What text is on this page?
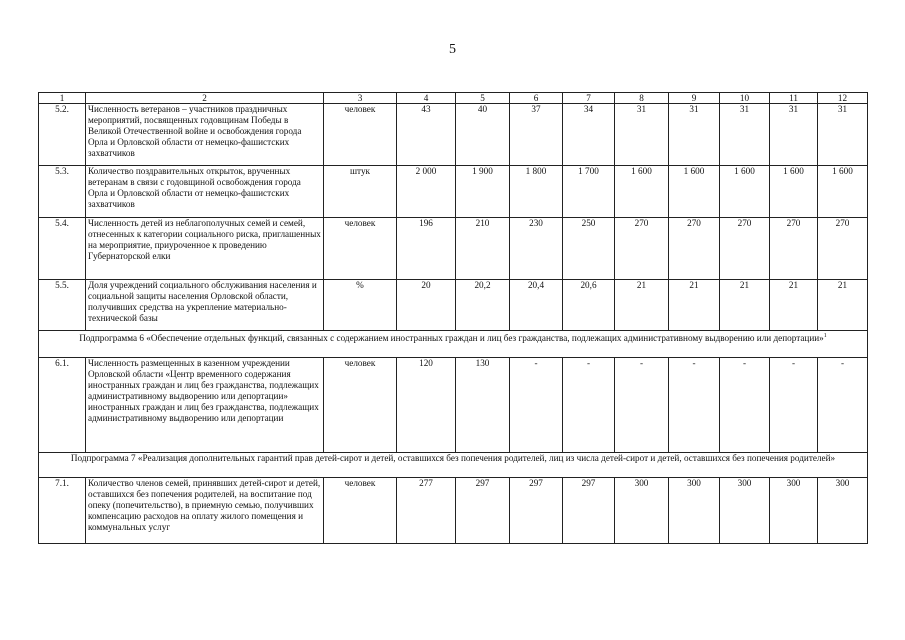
5
1	2	3	4	5	6	7	8	9	10	11	12
5.2.	Численность ветеранов – участников праздничных мероприятий, посвященных годовщинам Победы в Великой Отечественной войне и освобождения города Орла и Орловской области от немецко-фашистских захватчиков	человек	43	40	37	34	31	31	31	31	31
5.3.	Количество поздравительных открыток, врученных ветеранам в связи с годовщиной освобождения города Орла и Орловской области от немецко-фашистских захватчиков	штук	2 000	1 900	1 800	1 700	1 600	1 600	1 600	1 600	1 600
5.4.	Численность детей из неблагополучных семей и семей, отнесенных к категории социального риска, приглашенных на мероприятие, приуроченное к проведению Губернаторской елки	человек	196	210	230	250	270	270	270	270	270
5.5.	Доля учреждений социального обслуживания населения и социальной защиты населения Орловской области, получивших средства на укрепление материально-технической базы	%	20	20,2	20,4	20,6	21	21	21	21	21
Подпрограмма 6 «Обеспечение отдельных функций, связанных с содержанием иностранных граждан и лиц без гражданства, подлежащих административному выдворению или депортации»$^1$
6.1.	Численность размещенных в казенном учреждении Орловской области «Центр временного содержания иностранных граждан и лиц без гражданства, подлежащих административному выдворению или депортации» иностранных граждан и лиц без гражданства, подлежащих административному выдворению или депортации	человек	120	130	-	-	-	-	-	-	-
Подпрограмма 7 «Реализация дополнительных гарантий прав детей-сирот и детей, оставшихся без попечения родителей, лиц из числа детей-сирот и детей, оставшихся без попечения родителей»											
7.1.	Количество членов семей, принявших детей-сирот и детей, оставшихся без попечения родителей, на воспитание под опеку (попечительство), в приемную семью, получивших компенсацию расходов на оплату жилого помещения и коммунальных услуг	человек	277	297	297	297	300	300	300	300	300
